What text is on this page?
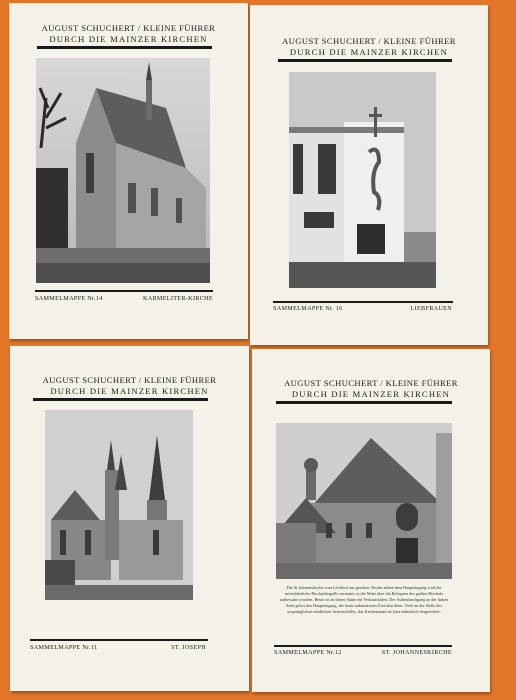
AUGUST SCHUCHERT / KLEINE FÜHRER
DURCH DIE MAINZER KIRCHEN
SAMMELMAPPE Nr.14	KARMELITER-KIRCHE
AUGUST SCHUCHERT / KLEINE FÜHRER
DURCH DIE MAINZER KIRCHEN
SAMMELMAPPE Nr. 16	LIEBFRAUEN
AUGUST SCHUCHERT / KLEINE FÜHRER
DURCH DIE MAINZER KIRCHEN
SAMMELMAPPE Nr.11	ST. JOSEPH
AUGUST SCHUCHERT / KLEINE FÜHRER
DURCH DIE MAINZER KIRCHEN
Die St.Johanniskirche vom Leichhof aus gesehen. Rechts neben dem Haupteingang wird die mittelalterliche Bischofskapelle vermutet, in der Mitte über die Reliquien des großen Bischofs aufbewahrt wurden. Heute ist an dieser Stätte ein Verkaufsladen. Der Außendurchgang an der linken Seite gebot den Haupteingang, der heute unbenutztem Zwecken dient. Tiefe an der Stelle des ursprünglichen nördlichen Seitenschiffes, das Kirchenraum ist jetzt einheitlich hergerichtet.
SAMMELMAPPE Nr.12	ST. JOHANNESKIRCHE
